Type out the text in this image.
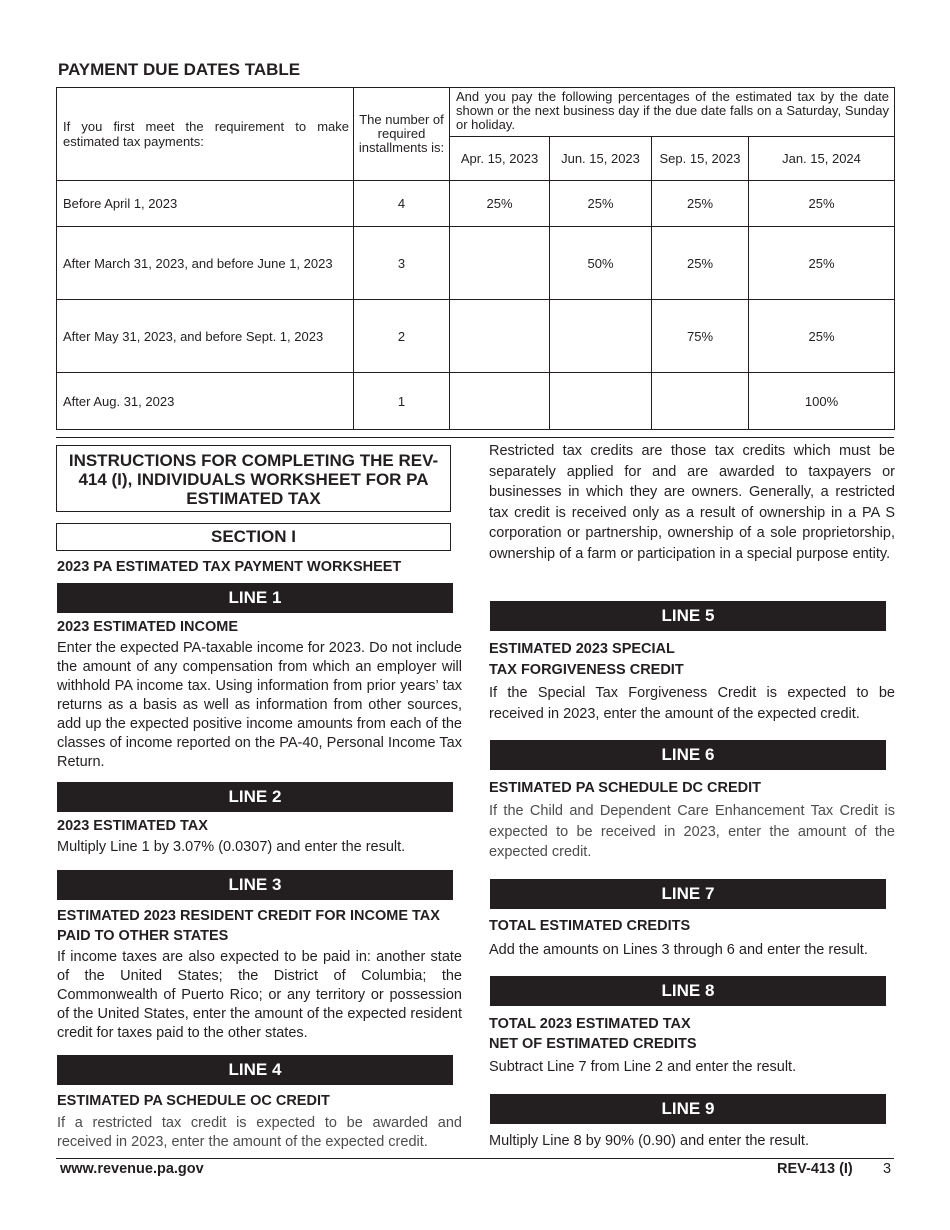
PAYMENT DUE DATES TABLE
If you first meet the requirement to make estimated tax payments:	The number of required installments is:	And you pay the following percentages of the estimated tax by the date shown or the next business day if the due date falls on a Saturday, Sunday or holiday.			
		Apr. 15, 2023	Jun. 15, 2023	Sep. 15, 2023	Jan. 15, 2024
Before April 1, 2023	4	25%	25%	25%	25%
After March 31, 2023, and before June 1, 2023	3		50%	25%	25%
After May 31, 2023, and before Sept. 1, 2023	2			75%	25%
After Aug. 31, 2023	1				100%
INSTRUCTIONS FOR COMPLETING THE REV-414 (I), INDIVIDUALS WORKSHEET FOR PA ESTIMATED TAX
SECTION I
2023 PA ESTIMATED TAX PAYMENT WORKSHEET
LINE 1
2023 ESTIMATED INCOME
Enter the expected PA-taxable income for 2023. Do not include the amount of any compensation from which an employer will withhold PA income tax. Using information from prior years’ tax returns as a basis as well as information from other sources, add up the expected positive income amounts from each of the classes of income reported on the PA-40, Personal Income Tax Return.
LINE 2
2023 ESTIMATED TAX
Multiply Line 1 by 3.07% (0.0307) and enter the result.
LINE 3
ESTIMATED 2023 RESIDENT CREDIT FOR INCOME TAX PAID TO OTHER STATES
If income taxes are also expected to be paid in: another state of the United States; the District of Columbia; the Commonwealth of Puerto Rico; or any territory or possession of the United States, enter the amount of the expected resident credit for taxes paid to the other states.
LINE 4
ESTIMATED PA SCHEDULE OC CREDIT
If a restricted tax credit is expected to be awarded and received in 2023, enter the amount of the expected credit.
Restricted tax credits are those tax credits which must be separately applied for and are awarded to taxpayers or businesses in which they are owners. Generally, a restricted tax credit is received only as a result of ownership in a PA S corporation or partnership, ownership of a sole proprietorship, ownership of a farm or participation in a special purpose entity.
LINE 5
ESTIMATED 2023 SPECIAL
TAX FORGIVENESS CREDIT
If the Special Tax Forgiveness Credit is expected to be received in 2023, enter the amount of the expected credit.
LINE 6
ESTIMATED PA SCHEDULE DC CREDIT
If the Child and Dependent Care Enhancement Tax Credit is expected to be received in 2023, enter the amount of the expected credit.
LINE 7
TOTAL ESTIMATED CREDITS
Add the amounts on Lines 3 through 6 and enter the result.
LINE 8
TOTAL 2023 ESTIMATED TAX
NET OF ESTIMATED CREDITS
Subtract Line 7 from Line 2 and enter the result.
LINE 9
Multiply Line 8 by 90% (0.90) and enter the result.
www.revenue.pa.gov	REV-413 (I) 3
